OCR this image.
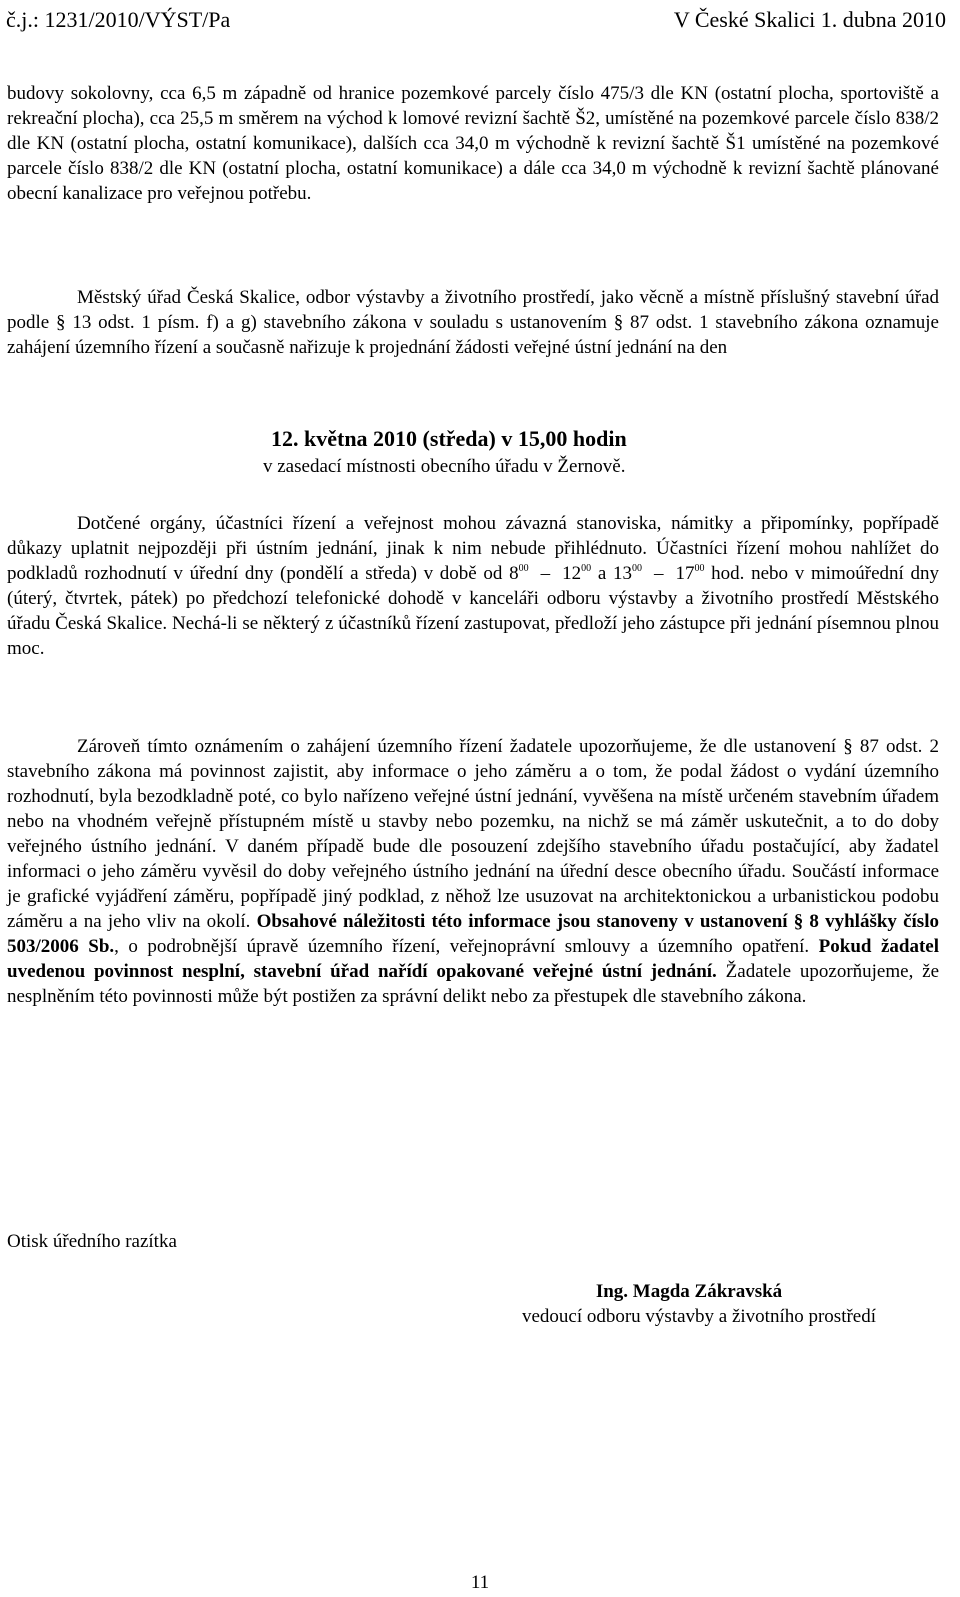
č.j.: 1231/2010/VÝST/Pa	V České Skalici 1. dubna 2010

budovy sokolovny, cca 6,5 m západně od hranice pozemkové parcely číslo 475/3 dle KN (ostatní plocha, sportoviště a rekreační plocha), cca 25,5 m směrem na východ k lomové revizní šachtě Š2, umístěné na pozemkové parcele číslo 838/2 dle KN (ostatní plocha, ostatní komunikace), dalších cca 34,0 m východně k revizní šachtě Š1 umístěné na pozemkové parcele číslo 838/2 dle KN (ostatní plocha, ostatní komunikace) a dále cca 34,0 m východně k revizní šachtě plánované obecní kanalizace pro veřejnou potřebu.

Městský úřad Česká Skalice, odbor výstavby a životního prostředí, jako věcně a místně příslušný stavební úřad podle § 13 odst. 1 písm. f) a g) stavebního zákona v souladu s ustanovením § 87 odst. 1 stavebního zákona oznamuje zahájení územního řízení a současně nařizuje k projednání žádosti veřejné ústní jednání na den

12. května 2010 (středa) v 15,00 hodin
v zasedací místnosti obecního úřadu v Žernově.

Dotčené orgány, účastníci řízení a veřejnost mohou závazná stanoviska, námitky a připomínky, popřípadě důkazy uplatnit nejpozději při ústním jednání, jinak k nim nebude přihlédnuto. Účastníci řízení mohou nahlížet do podkladů rozhodnutí v úřední dny (pondělí a středa) v době od $8^{00} - 12^{00}$ a $13^{00} - 17^{00}$ hod. nebo v mimoúřední dny (úterý, čtvrtek, pátek) po předchozí telefonické dohodě v kanceláři odboru výstavby a životního prostředí Městského úřadu Česká Skalice. Nechá-li se některý z účastníků řízení zastupovat, předloží jeho zástupce při jednání písemnou plnou moc.

Zároveň tímto oznámením o zahájení územního řízení žadatele upozorňujeme, že dle ustanovení § 87 odst. 2 stavebního zákona má povinnost zajistit, aby informace o jeho záměru a o tom, že podal žádost o vydání územního rozhodnutí, byla bezodkladně poté, co bylo nařízeno veřejné ústní jednání, vyvěšena na místě určeném stavebním úřadem nebo na vhodném veřejně přístupném místě u stavby nebo pozemku, na nichž se má záměr uskutečnit, a to do doby veřejného ústního jednání. V daném případě bude dle posouzení zdejšího stavebního úřadu postačující, aby žadatel informaci o jeho záměru vyvěsil do doby veřejného ústního jednání na úřední desce obecního úřadu. Součástí informace je grafické vyjádření záměru, popřípadě jiný podklad, z něhož lze usuzovat na architektonickou a urbanistickou podobu záměru a na jeho vliv na okolí. Obsahové náležitosti této informace jsou stanoveny v ustanovení § 8 vyhlášky číslo 503/2006 Sb., o podrobnější úpravě územního řízení, veřejnoprávní smlouvy a územního opatření. Pokud žadatel uvedenou povinnost nesplní, stavební úřad nařídí opakované veřejné ústní jednání. Žadatele upozorňujeme, že nesplněním této povinnosti může být postižen za správní delikt nebo za přestupek dle stavebního zákona.

Otisk úředního razítka
Ing. Magda Zákravská
vedoucí odboru výstavby a životního prostředí
11
